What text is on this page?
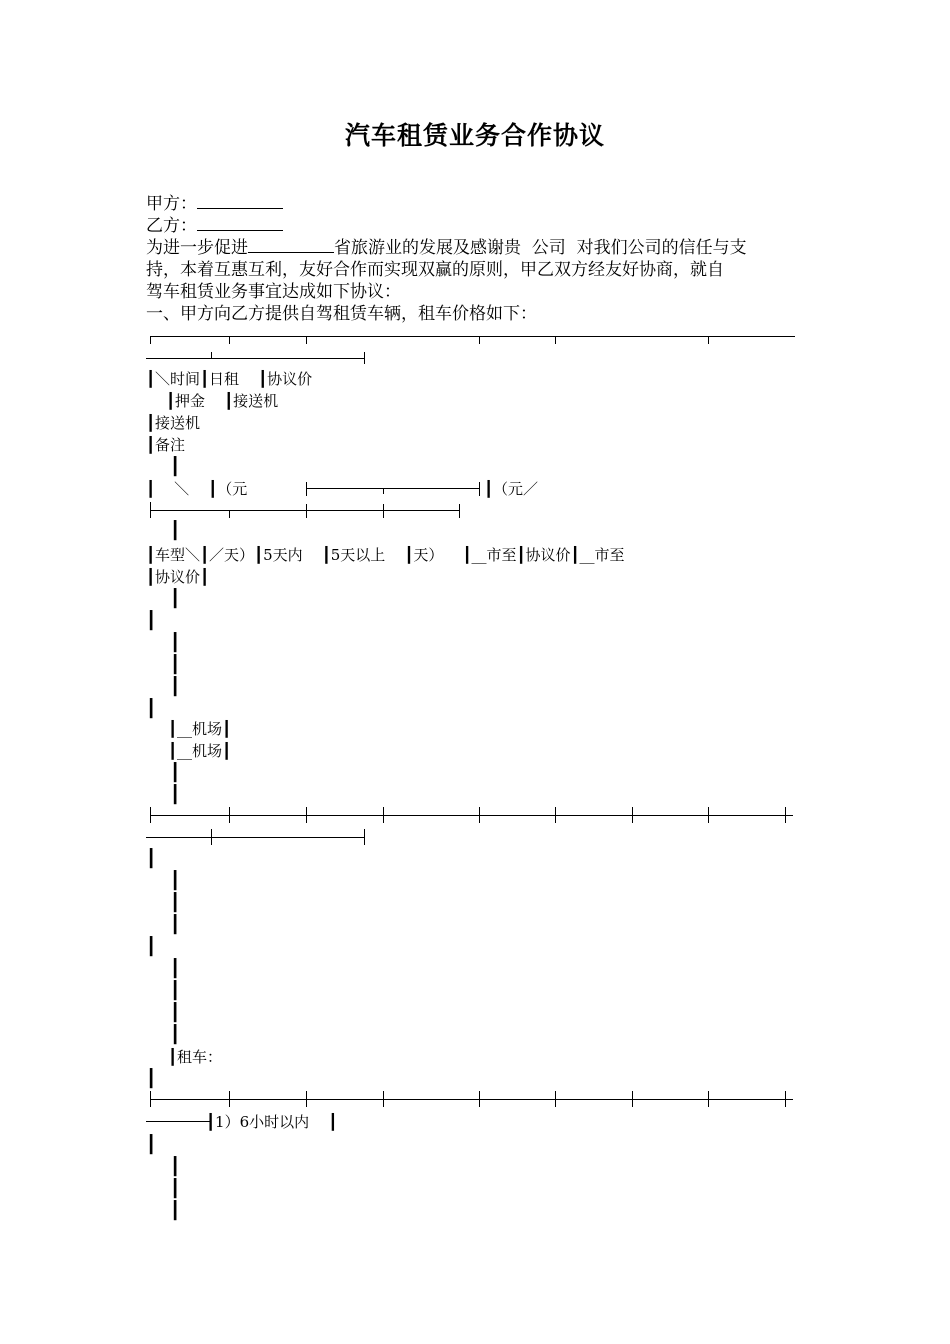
汽车租赁业务合作协议
甲方：
乙方：
为进一步促进	省旅游业的发展及感谢贵  公司  对我们公司的信任与支
持，本着互惠互利，友好合作而实现双赢的原则，甲乙双方经友好协商，就自
驾车租赁业务事宜达成如下协议：
一、甲方向乙方提供自驾租赁车辆，租车价格如下：
┃＼时间┃日租    ┃协议价
┃押金    ┃接送机
┃接送机
┃备注
┃
┃    ＼    ┃（元	┃（元／
┃
┃车型＼┃／天）┃5天内    ┃5天以上    ┃天）    ┃__市至┃协议价┃__市至
┃协议价┃
┃
┃
┃
┃
┃
┃
┃__机场┃
┃__机场┃
┃
┃
┃
┃
┃
┃
┃
┃
┃
┃
┃
┃租车：
┃
┃1）6小时以内    ┃
┃
┃
┃
┃
